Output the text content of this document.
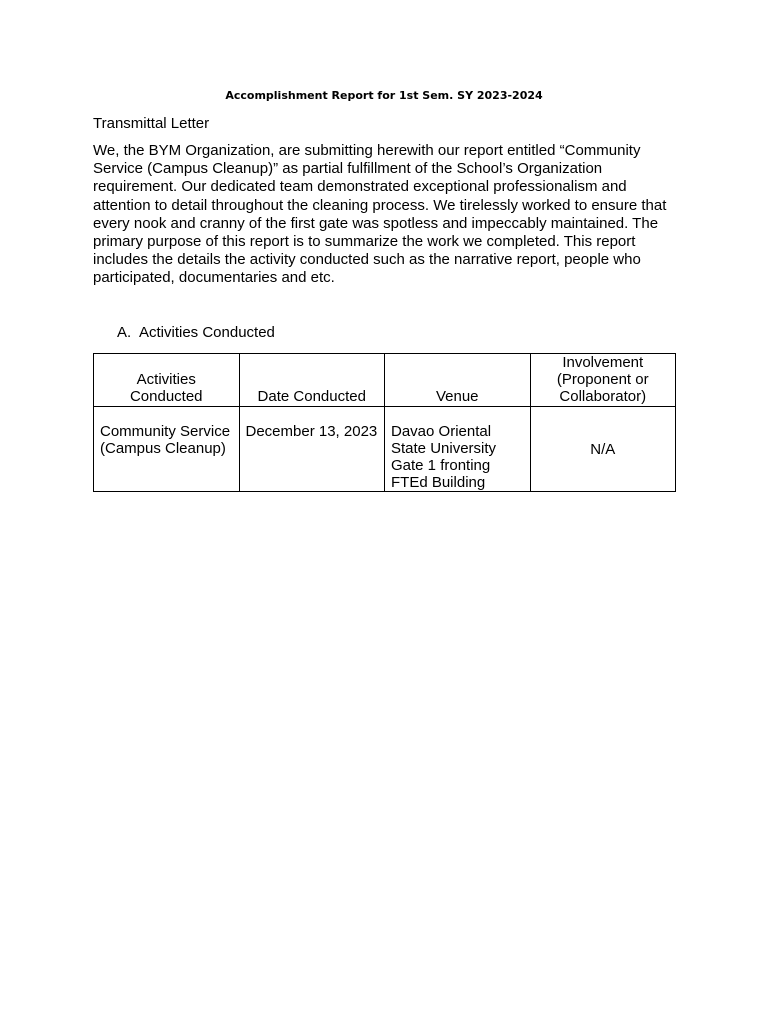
Accomplishment Report for 1st Sem. SY 2023-2024
Transmittal Letter

We, the BYM Organization, are submitting herewith our report entitled “Community Service (Campus Cleanup)” as partial fulfillment of the School’s Organization requirement. Our dedicated team demonstrated exceptional professionalism and attention to detail throughout the cleaning process. We tirelessly worked to ensure that every nook and cranny of the first gate was spotless and impeccably maintained. The primary purpose of this report is to summarize the work we completed. This report includes the details the activity conducted such as the narrative report, people who participated, documentaries and etc.

A. Activities Conducted
Activities Conducted	Date Conducted	Venue	Involvement (Proponent or Collaborator)
Community Service (Campus Cleanup)	December 13, 2023	Davao Oriental State University Gate 1 fronting FTEd Building	N/A
